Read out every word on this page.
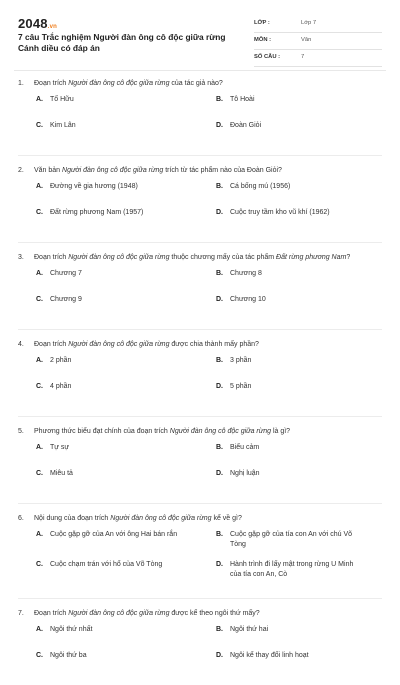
2048.vn
7 câu Trắc nghiệm Người đàn ông cô độc giữa rừng Cánh diều có đáp án
LỚP :	Lớp 7
MÔN :	Văn
SỐ CÂU :	7
1.	Đoạn trích Người đàn ông cô độc giữa rừng của tác giả nào?
A.	Tố Hữu	B.	Tô Hoài
C.	Kim Lân	D.	Đoàn Giỏi
2.	Văn bản Người đàn ông cô độc giữa rừng trích từ tác phẩm nào của Đoàn Giỏi?
A.	Đường về gia hương (1948)	B.	Cá bống mú (1956)
C.	Đất rừng phương Nam (1957)	D.	Cuộc truy tầm kho vũ khí (1962)
3.	Đoạn trích Người đàn ông cô độc giữa rừng thuộc chương mấy của tác phẩm Đất rừng phương Nam?
A.	Chương 7	B.	Chương 8
C.	Chương 9	D.	Chương 10
4.	Đoạn trích Người đàn ông cô độc giữa rừng được chia thành mấy phần?
A.	2 phần	B.	3 phần
C.	4 phần	D.	5 phần
5.	Phương thức biểu đạt chính của đoạn trích Người đàn ông cô độc giữa rừng là gì?
A.	Tự sự	B.	Biểu cảm
C.	Miêu tả	D.	Nghị luận
6.	Nội dung của đoạn trích Người đàn ông cô độc giữa rừng kể về gì?
A.	Cuộc gặp gỡ của An với ông Hai bán rắn	B.	Cuộc gặp gỡ của tía con An với chú Võ Tòng
C.	Cuộc chạm trán với hổ của Võ Tòng	D.	Hành trình đi lấy mật trong rừng U Minh của tía con An, Cò
7.	Đoạn trích Người đàn ông cô độc giữa rừng được kể theo ngôi thứ mấy?
A.	Ngôi thứ nhất	B.	Ngôi thứ hai
C.	Ngôi thứ ba	D.	Ngôi kể thay đổi linh hoạt
